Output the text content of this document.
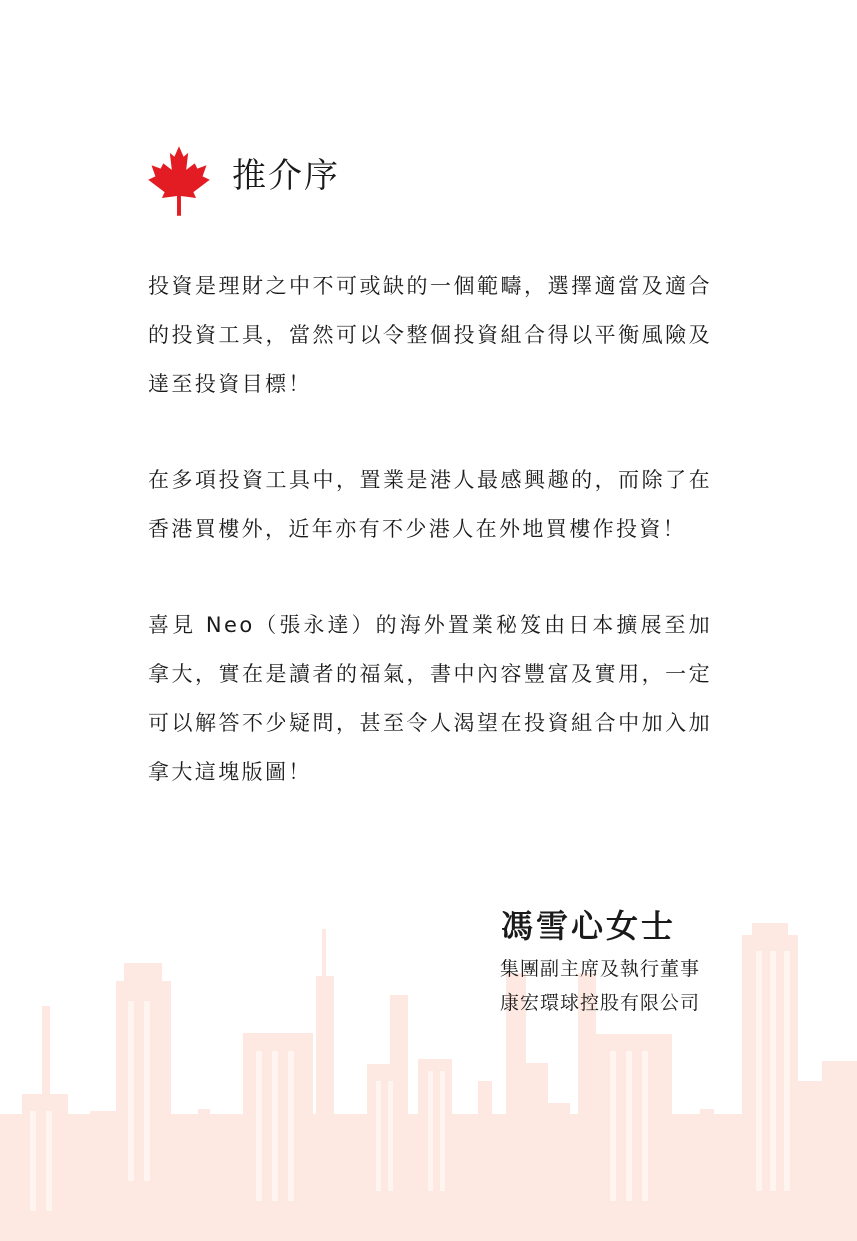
推介序

投資是理財之中不可或缺的一個範疇，選擇適當及適合的投資工具，當然可以令整個投資組合得以平衡風險及達至投資目標！

在多項投資工具中，置業是港人最感興趣的，而除了在香港買樓外，近年亦有不少港人在外地買樓作投資！

喜見 Neo（張永達）的海外置業秘笈由日本擴展至加拿大，實在是讀者的福氣，書中內容豐富及實用，一定可以解答不少疑問，甚至令人渴望在投資組合中加入加拿大這塊版圖！

馮雪心女士
集團副主席及執行董事
康宏環球控股有限公司
